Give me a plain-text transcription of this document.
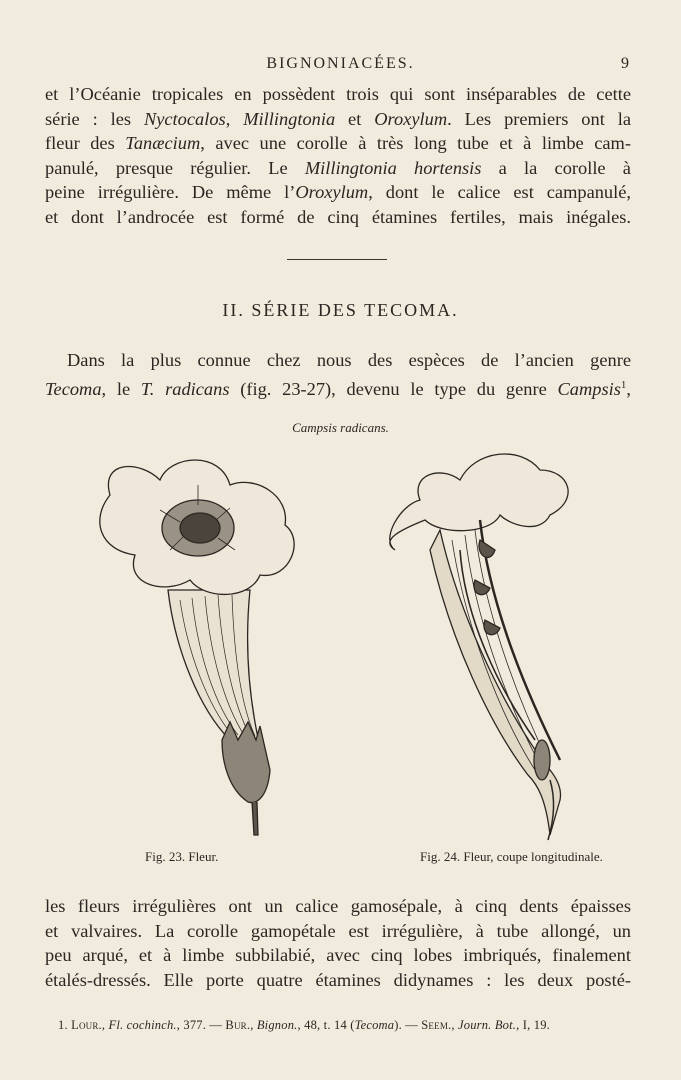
BIGNONIACÉES.	9
et l’Océanie tropicales en possèdent trois qui sont inséparables de cette
série : les Nyctocalos, Millingtonia et Oroxylum. Les premiers ont la
fleur des Tanæcium, avec une corolle à très long tube et à limbe cam-
panulé, presque régulier. Le Millingtonia hortensis a la corolle à
peine irrégulière. De même l’Oroxylum, dont le calice est campanulé,
et dont l’androcée est formé de cinq étamines fertiles, mais inégales.
II. SÉRIE DES TECOMA.
Dans la plus connue chez nous des espèces de l’ancien genre
Tecoma, le T. radicans (fig. 23-27), devenu le type du genre Campsis$^1$,
Campsis radicans.
Fig. 23. Fleur.	Fig. 24. Fleur, coupe longitudinale.
les fleurs irrégulières ont un calice gamosépale, à cinq dents épaisses
et valvaires. La corolle gamopétale est irrégulière, à tube allongé, un
peu arqué, et à limbe subbilabié, avec cinq lobes imbriqués, finalement
étalés-dressés. Elle porte quatre étamines didynames : les deux posté-
1. Lour., Fl. cochinch., 377. — Bur., Bignon., 48, t. 14 (Tecoma). — Seem., Journ. Bot., I, 19.
